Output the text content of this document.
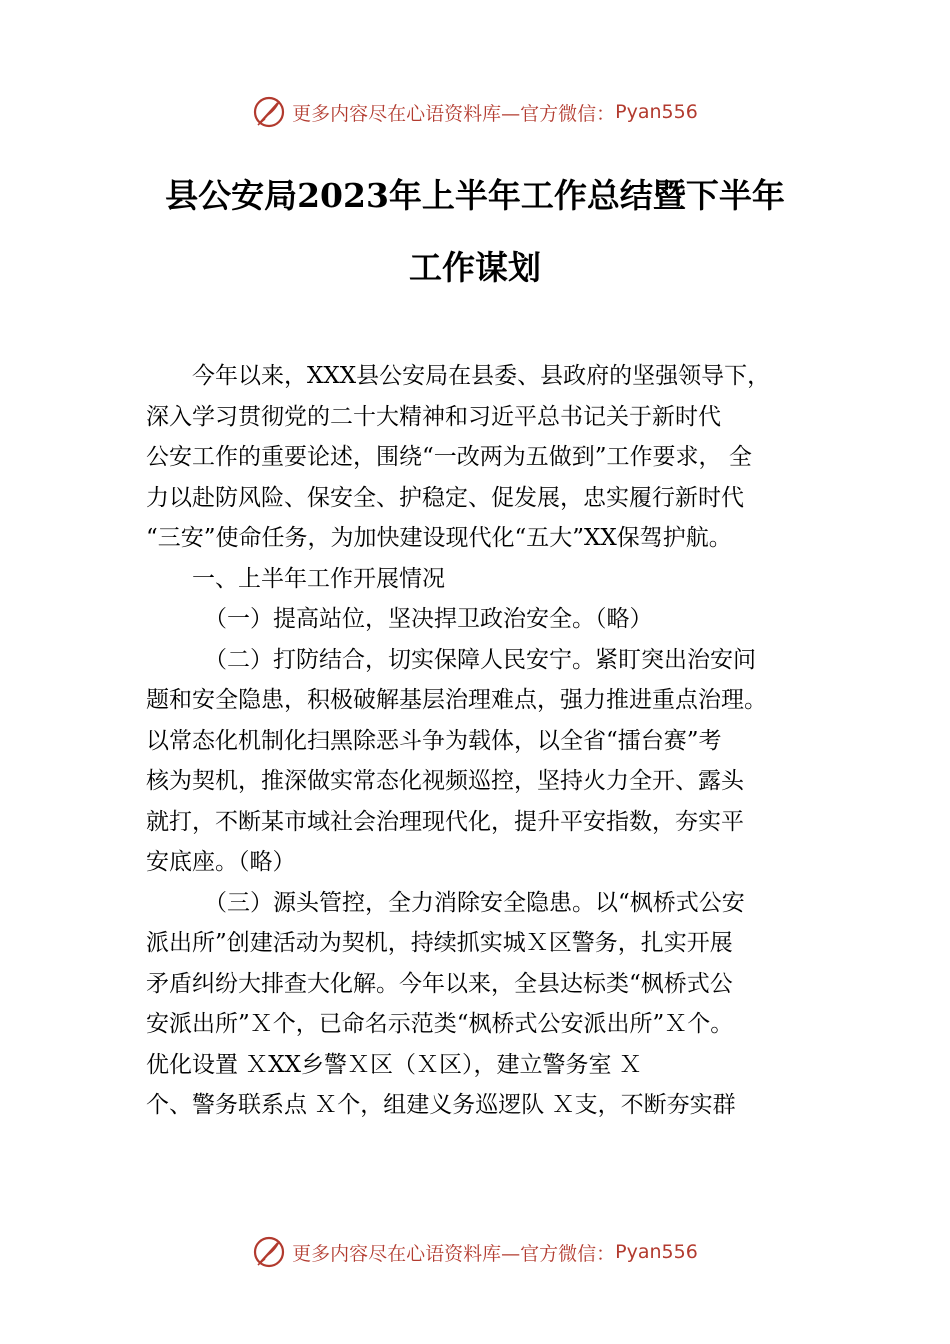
更多内容尽在心语资料库—官方微信： Pyan556
县公安局2023年上半年工作总结暨下半年
工作谋划
今年以来，XXX县公安局在县委、县政府的坚强领导下，
深入学习贯彻党的二十大精神和习近平总书记关于新时代
公安工作的重要论述，围绕“一改两为五做到”工作要求， 全
力以赴防风险、保安全、护稳定、促发展，忠实履行新时代
“三安”使命任务，为加快建设现代化“五大”XX保驾护航。
一、上半年工作开展情况
（一）提高站位，坚决捍卫政治安全。（略）
（二）打防结合，切实保障人民安宁。紧盯突出治安问
题和安全隐患，积极破解基层治理难点，强力推进重点治理。
以常态化机制化扫黑除恶斗争为载体，以全省“擂台赛”考
核为契机，推深做实常态化视频巡控，坚持火力全开、露头
就打，不断某市域社会治理现代化，提升平安指数，夯实平
安底座。（略）
（三）源头管控，全力消除安全隐患。以“枫桥式公安
派出所”创建活动为契机，持续抓实城Ｘ区警务，扎实开展
矛盾纠纷大排查大化解。今年以来，全县达标类“枫桥式公
安派出所”Ｘ个，已命名示范类“枫桥式公安派出所”Ｘ个。
优化设置 ＸXX乡警Ｘ区（Ｘ区），建立警务室 Ｘ
个、警务联系点 Ｘ个，组建义务巡逻队 Ｘ支，不断夯实群
更多内容尽在心语资料库—官方微信： Pyan556
